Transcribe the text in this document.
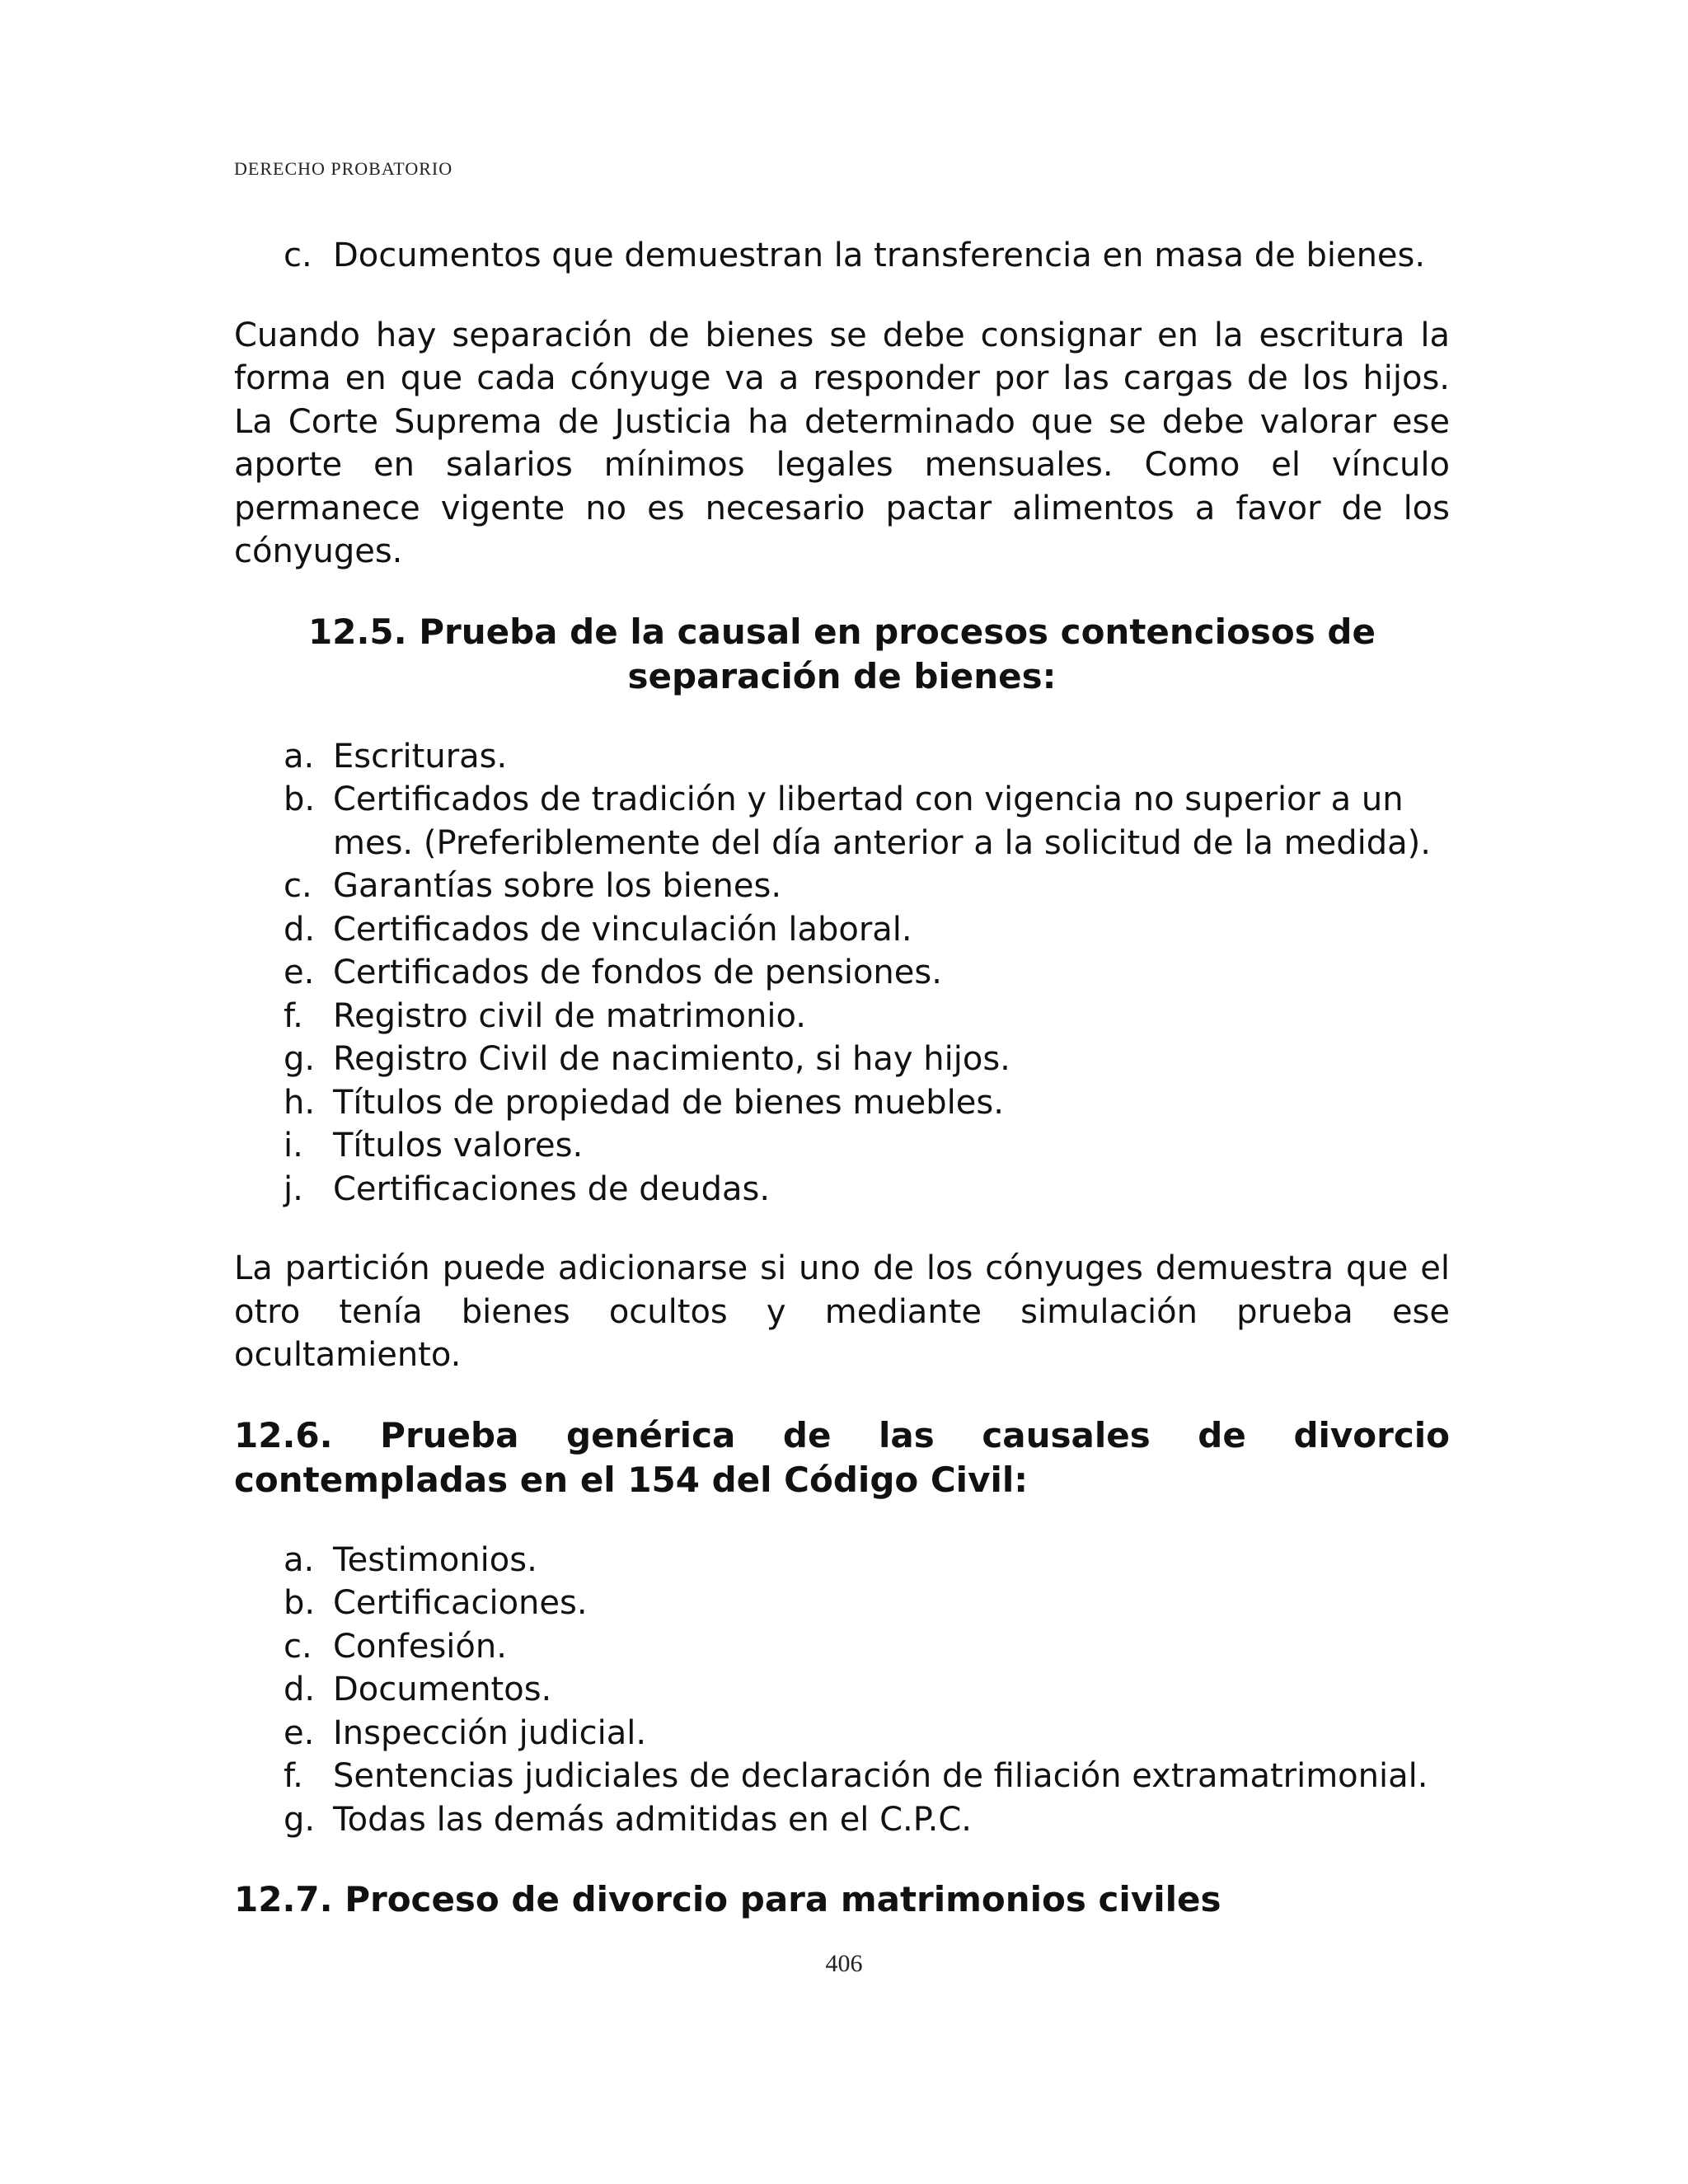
DERECHO PROBATORIO
c. Documentos que demuestran la transferencia en masa de bienes.

Cuando hay separación de bienes se debe consignar en la escritura la forma en que cada cónyuge va a responder por las cargas de los hijos. La Corte Suprema de Justicia ha determinado que se debe valorar ese aporte en salarios mínimos legales mensuales. Como el vínculo permanece vigente no es necesario pactar alimentos a favor de los cónyuges.

12.5. Prueba de la causal en procesos contenciosos de separación de bienes:
a. Escrituras.
b. Certificados de tradición y libertad con vigencia no superior a un mes. (Preferiblemente del día anterior a la solicitud de la medida).
c. Garantías sobre los bienes.
d. Certificados de vinculación laboral.
e. Certificados de fondos de pensiones.
f. Registro civil de matrimonio.
g. Registro Civil de nacimiento, si hay hijos.
h. Títulos de propiedad de bienes muebles.
i. Títulos valores.
j. Certificaciones de deudas.

La partición puede adicionarse si uno de los cónyuges demuestra que el otro tenía bienes ocultos y mediante simulación prueba ese ocultamiento.

12.6. Prueba genérica de las causales de divorcio contempladas en el 154 del Código Civil:
a. Testimonios.
b. Certificaciones.
c. Confesión.
d. Documentos.
e. Inspección judicial.
f. Sentencias judiciales de declaración de filiación extramatrimonial.
g. Todas las demás admitidas en el C.P.C.
12.7. Proceso de divorcio para matrimonios civiles
406
